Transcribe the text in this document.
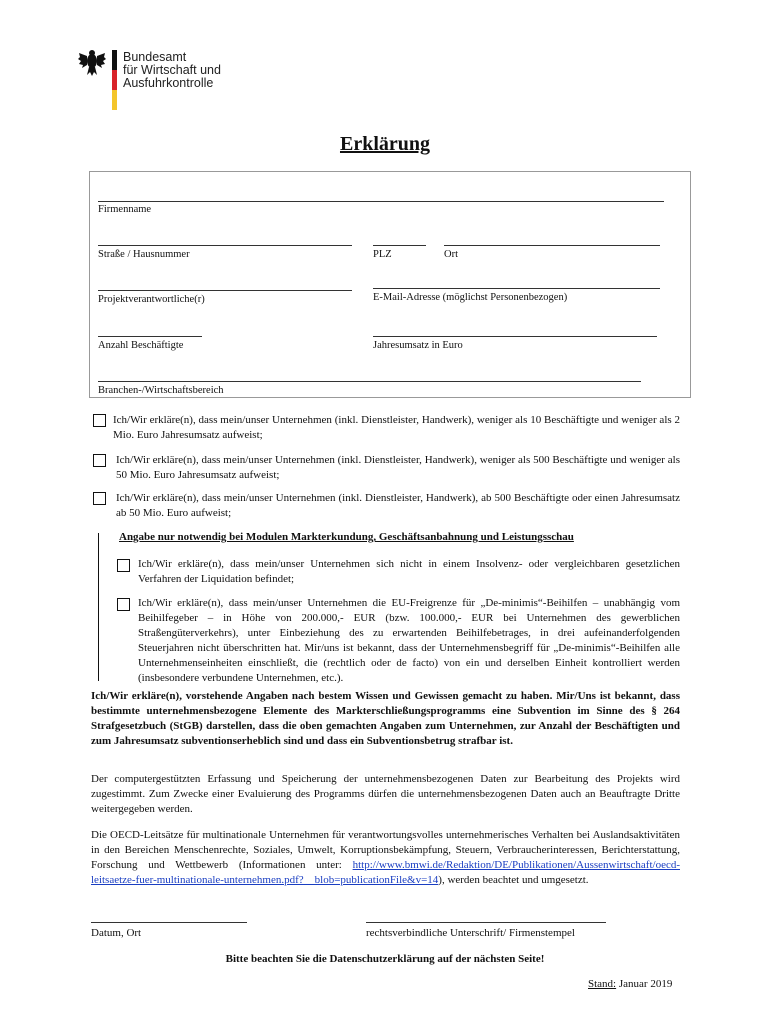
Bundesamt
für Wirtschaft und
Ausfuhrkontrolle
Erklärung
Firmenname
Straße / Hausnummer	PLZ	Ort
Projektverantwortliche(r)	E-Mail-Adresse (möglichst Personenbezogen)
Anzahl Beschäftigte	Jahresumsatz in Euro
Branchen-/Wirtschaftsbereich
Ich/Wir erkläre(n), dass mein/unser Unternehmen (inkl. Dienstleister, Handwerk), weniger als 10 Beschäftigte und weniger als 2 Mio. Euro Jahresumsatz aufweist;
Ich/Wir erkläre(n), dass mein/unser Unternehmen (inkl. Dienstleister, Handwerk), weniger als 500 Beschäftigte und weniger als 50 Mio. Euro Jahresumsatz aufweist;
Ich/Wir erkläre(n), dass mein/unser Unternehmen (inkl. Dienstleister, Handwerk), ab 500 Beschäftigte oder einen Jahresumsatz ab 50 Mio. Euro aufweist;
Angabe nur notwendig bei Modulen Markterkundung, Geschäftsanbahnung und Leistungsschau
Ich/Wir erkläre(n), dass mein/unser Unternehmen sich nicht in einem Insolvenz- oder vergleichbaren gesetzlichen Verfahren der Liquidation befindet;
Ich/Wir erkläre(n), dass mein/unser Unternehmen die EU-Freigrenze für „De-minimis“-Beihilfen – unabhängig vom Beihilfegeber – in Höhe von 200.000,- EUR (bzw. 100.000,- EUR bei Unternehmen des gewerblichen Straßengüterverkehrs), unter Einbeziehung des zu erwartenden Beihilfebetrages, in drei aufeinanderfolgenden Steuerjahren nicht überschritten hat. Mir/uns ist bekannt, dass der Unternehmensbegriff für „De-minimis“-Beihilfen alle Unternehmenseinheiten einschließt, die (rechtlich oder de facto) von ein und derselben Einheit kontrolliert werden (insbesondere verbundene Unternehmen, etc.).
Ich/Wir erkläre(n), vorstehende Angaben nach bestem Wissen und Gewissen gemacht zu haben. Mir/Uns ist bekannt, dass bestimmte unternehmensbezogene Elemente des Markterschließungsprogramms eine Subvention im Sinne des § 264 Strafgesetzbuch (StGB) darstellen, dass die oben gemachten Angaben zum Unternehmen, zur Anzahl der Beschäftigten und zum Jahresumsatz subventionserheblich sind und dass ein Subventionsbetrug strafbar ist.
Der computergestützten Erfassung und Speicherung der unternehmensbezogenen Daten zur Bearbeitung des Projekts wird zugestimmt. Zum Zwecke einer Evaluierung des Programms dürfen die unternehmensbezogenen Daten auch an Beauftragte Dritte weitergegeben werden.
Die OECD-Leitsätze für multinationale Unternehmen für verantwortungsvolles unternehmerisches Verhalten bei Auslandsaktivitäten in den Bereichen Menschenrechte, Soziales, Umwelt, Korruptionsbekämpfung, Steuern, Verbraucherinteressen, Berichterstattung, Forschung und Wettbewerb (Informationen unter: http://www.bmwi.de/Redaktion/DE/Publikationen/Aussenwirtschaft/oecd-leitsaetze-fuer-multinationale-unternehmen.pdf?__blob=publicationFile&v=14), werden beachtet und umgesetzt.
Datum, Ort	rechtsverbindliche Unterschrift/ Firmenstempel
Bitte beachten Sie die Datenschutzerklärung auf der nächsten Seite!
Stand: Januar 2019
